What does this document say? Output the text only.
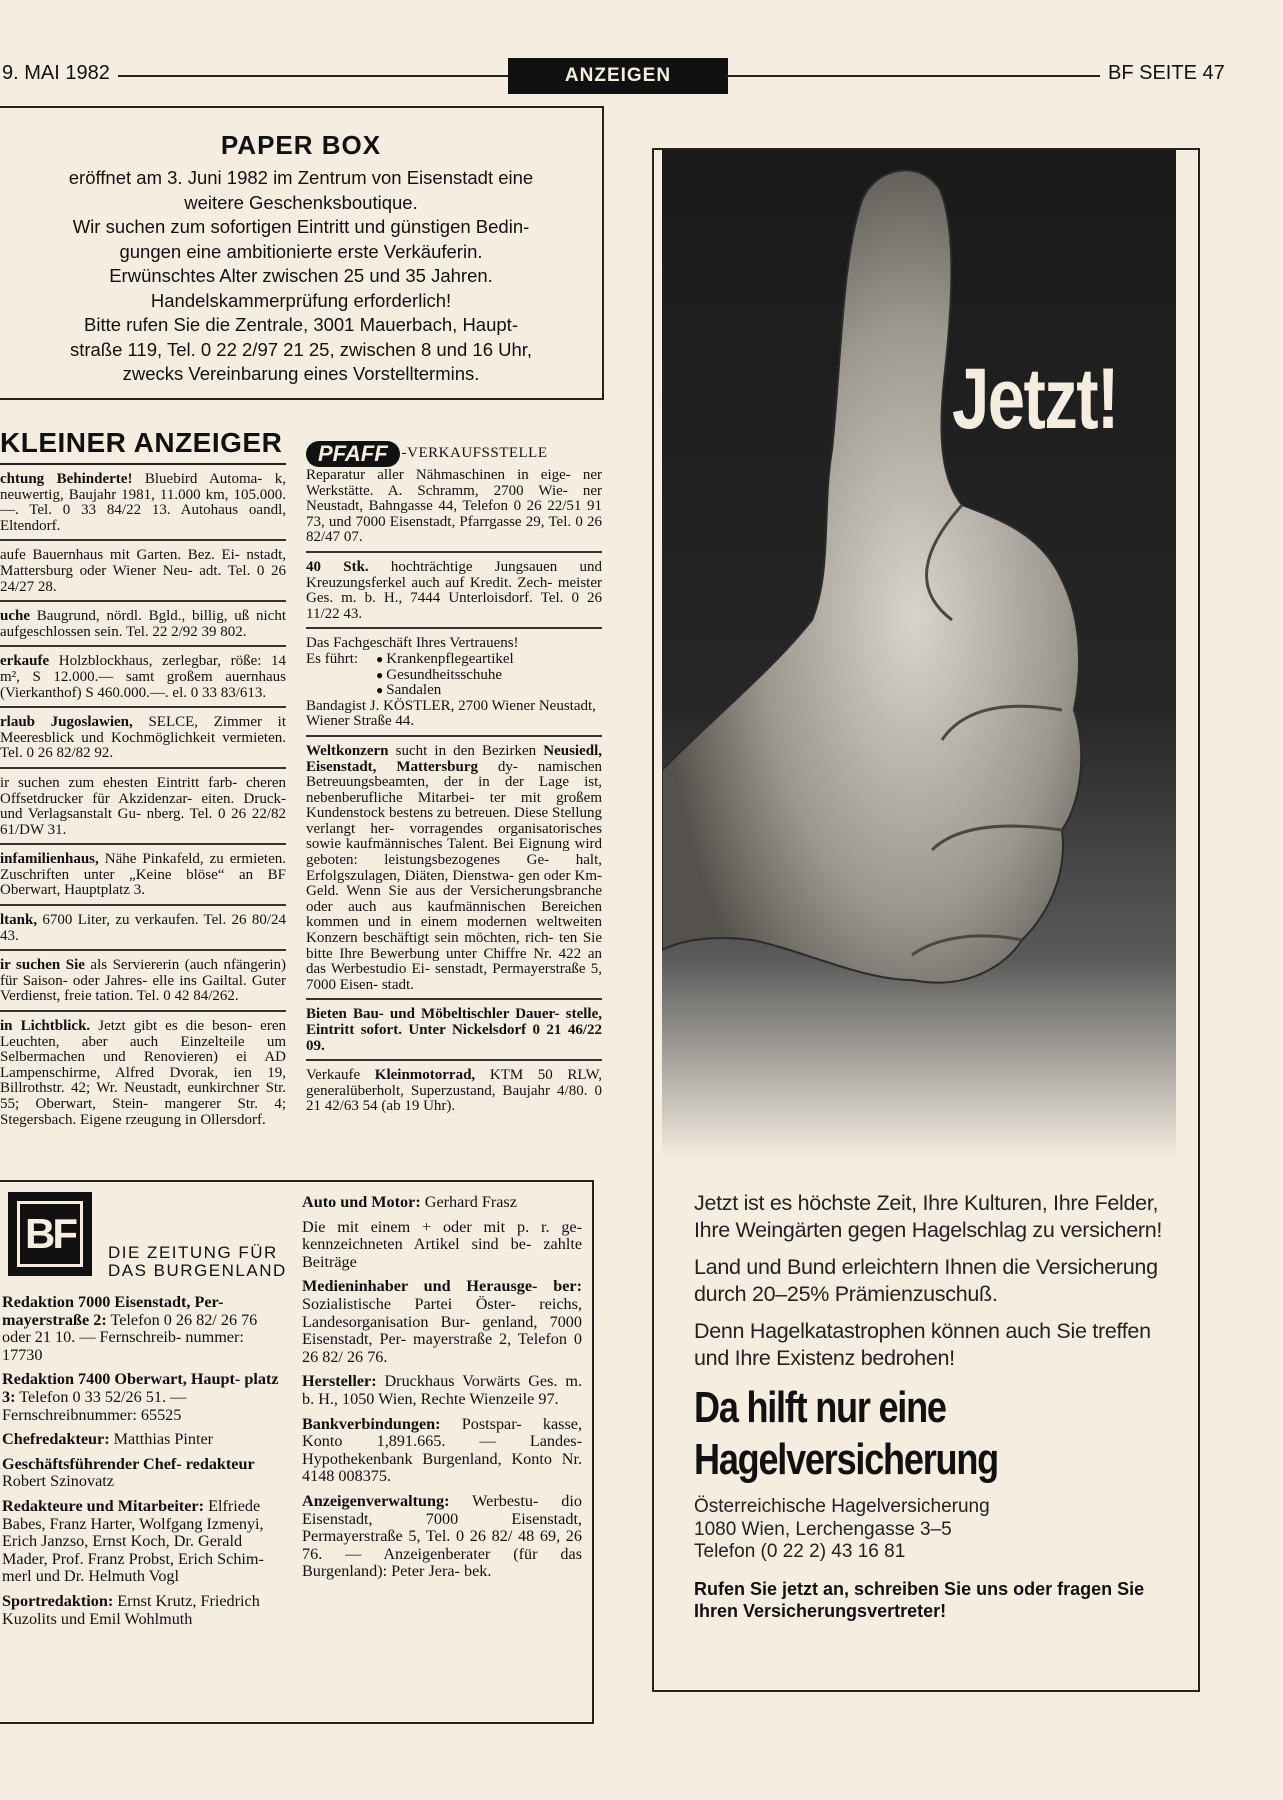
9. MAI 1982	ANZEIGEN	BF SEITE 47
PAPER BOX

eröffnet am 3. Juni 1982 im Zentrum von Eisenstadt eine

weitere Geschenksboutique.

Wir suchen zum sofortigen Eintritt und günstigen Bedin-

gungen eine ambitionierte erste Verkäuferin.

Erwünschtes Alter zwischen 25 und 35 Jahren.

Handelskammerprüfung erforderlich!

Bitte rufen Sie die Zentrale, 3001 Mauerbach, Haupt-

straße 119, Tel. 0 22 2/97 21 25, zwischen 8 und 16 Uhr,

zwecks Vereinbarung eines Vorstelltermins.

KLEINER ANZEIGER
chtung Behinderte! Bluebird Automa- k, neuwertig, Baujahr 1981, 11.000 km, 105.000.—. Tel. 0 33 84/22 13. Autohaus oandl, Eltendorf.
aufe Bauernhaus mit Garten. Bez. Ei- nstadt, Mattersburg oder Wiener Neu- adt. Tel. 0 26 24/27 28.
uche Baugrund, nördl. Bgld., billig, uß nicht aufgeschlossen sein. Tel. 22 2/92 39 802.
erkaufe Holzblockhaus, zerlegbar, röße: 14 m², S 12.000.— samt großem auernhaus (Vierkanthof) S 460.000.—. el. 0 33 83/613.
rlaub Jugoslawien, SELCE, Zimmer it Meeresblick und Kochmöglichkeit vermieten. Tel. 0 26 82/82 92.
ir suchen zum ehesten Eintritt farb- cheren Offsetdrucker für Akzidenzar- eiten. Druck- und Verlagsanstalt Gu- nberg. Tel. 0 26 22/82 61/DW 31.
infamilienhaus, Nähe Pinkafeld, zu ermieten. Zuschriften unter „Keine blöse“ an BF Oberwart, Hauptplatz 3.
ltank, 6700 Liter, zu verkaufen. Tel. 26 80/24 43.
ir suchen Sie als Serviererin (auch nfängerin) für Saison- oder Jahres- elle ins Gailtal. Guter Verdienst, freie tation. Tel. 0 42 84/262.
in Lichtblick. Jetzt gibt es die beson- eren Leuchten, aber auch Einzelteile um Selbermachen und Renovieren) ei AD Lampenschirme, Alfred Dvorak, ien 19, Billrothstr. 42; Wr. Neustadt, eunkirchner Str. 55; Oberwart, Stein- mangerer Str. 4; Stegersbach. Eigene rzeugung in Ollersdorf.
PFAFF -VERKAUFSSTELLE
Reparatur aller Nähmaschinen in eige- ner Werkstätte. A. Schramm, 2700 Wie- ner Neustadt, Bahngasse 44, Telefon 0 26 22/51 91 73, und 7000 Eisenstadt, Pfarrgasse 29, Tel. 0 26 82/47 07.
40 Stk. hochträchtige Jungsauen und Kreuzungsferkel auch auf Kredit. Zech- meister Ges. m. b. H., 7444 Unterloisdorf. Tel. 0 26 11/22 43.
Das Fachgeschäft Ihres Vertrauens!
Es führt:
●	Krankenpflegeartikel
● Gesundheitsschuhe
● Sandalen
Bandagist J. KÖSTLER, 2700 Wiener Neustadt, Wiener Straße 44.
Weltkonzern sucht in den Bezirken Neusiedl, Eisenstadt, Mattersburg dy- namischen Betreuungsbeamten, der in der Lage ist, nebenberufliche Mitarbei- ter mit großem Kundenstock bestens zu betreuen. Diese Stellung verlangt her- vorragendes organisatorisches sowie kaufmännisches Talent. Bei Eignung wird geboten: leistungsbezogenes Ge- halt, Erfolgszulagen, Diäten, Dienstwa- gen oder Km-Geld. Wenn Sie aus der Versicherungsbranche oder auch aus kaufmännischen Bereichen kommen und in einem modernen weltweiten Konzern beschäftigt sein möchten, rich- ten Sie bitte Ihre Bewerbung unter Chiffre Nr. 422 an das Werbestudio Ei- senstadt, Permayerstraße 5, 7000 Eisen- stadt.
Bieten Bau- und Möbeltischler Dauer- stelle, Eintritt sofort. Unter Nickelsdorf 0 21 46/22 09.
Verkaufe Kleinmotorrad, KTM 50 RLW, generalüberholt, Superzustand, Baujahr 4/80. 0 21 42/63 54 (ab 19 Uhr).
BF	DIE ZEITUNG FÜR
DAS BURGENLAND
Redaktion 7000 Eisenstadt, Per- mayerstraße 2: Telefon 0 26 82/ 26 76 oder 21 10. — Fernschreib- nummer: 17730
Redaktion 7400 Oberwart, Haupt- platz 3: Telefon 0 33 52/26 51. — Fernschreibnummer: 65525
Chefredakteur: Matthias Pinter
Geschäftsführender Chef- redakteur Robert Szinovatz
Redakteure und Mitarbeiter: Elfriede Babes, Franz Harter, Wolfgang Izmenyi, Erich Janzso, Ernst Koch, Dr. Gerald Mader, Prof. Franz Probst, Erich Schim- merl und Dr. Helmuth Vogl
Sportredaktion: Ernst Krutz, Friedrich Kuzolits und Emil Wohlmuth
Auto und Motor: Gerhard Frasz
Die mit einem + oder mit p. r. ge- kennzeichneten Artikel sind be- zahlte Beiträge
Medieninhaber und Herausge- ber: Sozialistische Partei Öster- reichs, Landesorganisation Bur- genland, 7000 Eisenstadt, Per- mayerstraße 2, Telefon 0 26 82/ 26 76.
Hersteller: Druckhaus Vorwärts Ges. m. b. H., 1050 Wien, Rechte Wienzeile 97.
Bankverbindungen: Postspar- kasse, Konto 1,891.665. — Landes- Hypothekenbank Burgenland, Konto Nr. 4148 008375.
Anzeigenverwaltung: Werbestu- dio Eisenstadt, 7000 Eisenstadt, Permayerstraße 5, Tel. 0 26 82/ 48 69, 26 76. — Anzeigenberater (für das Burgenland): Peter Jera- bek.
Jetzt!

Jetzt ist es höchste Zeit, Ihre Kulturen, Ihre Felder, Ihre Weingärten gegen Hagelschlag zu versichern!

Land und Bund erleichtern Ihnen die Versicherung durch 20–25% Prämienzuschuß.

Denn Hagelkatastrophen können auch Sie treffen und Ihre Existenz bedrohen!

Da hilft nur eine
Hagelversicherung
Österreichische Hagelversicherung
1080 Wien, Lerchengasse 3–5
Telefon (0 22 2) 43 16 81
Rufen Sie jetzt an, schreiben Sie uns oder fragen Sie
Ihren Versicherungsvertreter!
